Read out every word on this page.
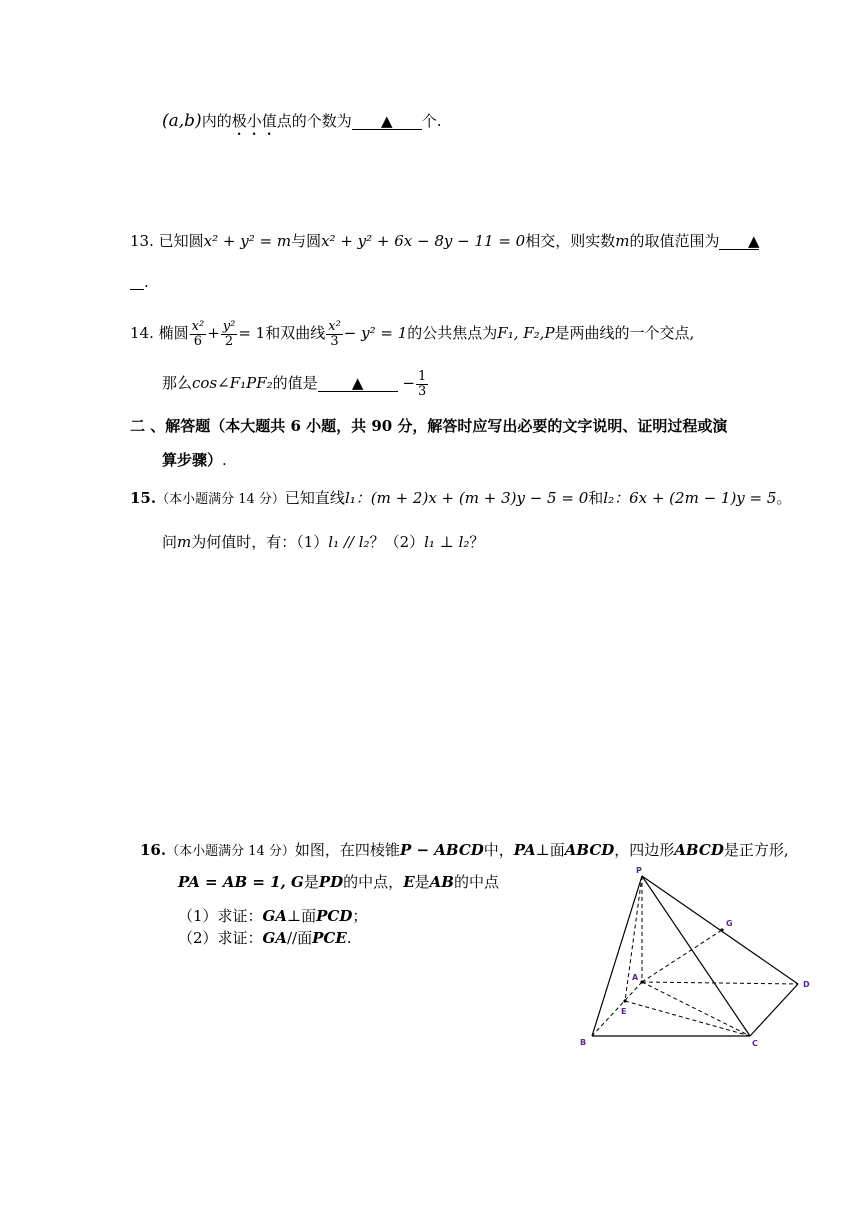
(a,b)内的极小值点的个数为 ▲ 个.
13. 已知圆x² + y² = m与圆x² + y² + 6x − 8y − 11 = 0相交，则实数m的取值范围为 ▲
.
14. 椭圆 $\frac{\text{x²}}{6} + \frac{\text{y²}}{2} = 1$和双曲线 $\frac{\text{x²}}{3} - y^2 = 1$的公共焦点为F₁, F₂,P是两曲线的一个交点,
那么cos∠F₁PF₂的值是 ▲	− $\frac{1}{3}$
二 、解答题（本大题共 6 小题，共 90 分，解答时应写出必要的文字说明、证明过程或演
算步骤）.
15.（本小题满分 14 分）已知直线l₁：(m + 2)x + (m + 3)y − 5 = 0和l₂：6x + (2m − 1)y = 5。
问m为何值时，有：（1）l₁ // l₂？（2）l₁ ⊥ l₂？
16.（本小题满分 14 分）如图，在四棱锥P − ABCD中，PA⊥面ABCD，四边形ABCD是正方形,
PA = AB = 1, G是PD的中点，E是AB的中点
（1）求证：GA⊥面PCD；
（2）求证：GA//面PCE.
P
G
A
D
E
B	C
